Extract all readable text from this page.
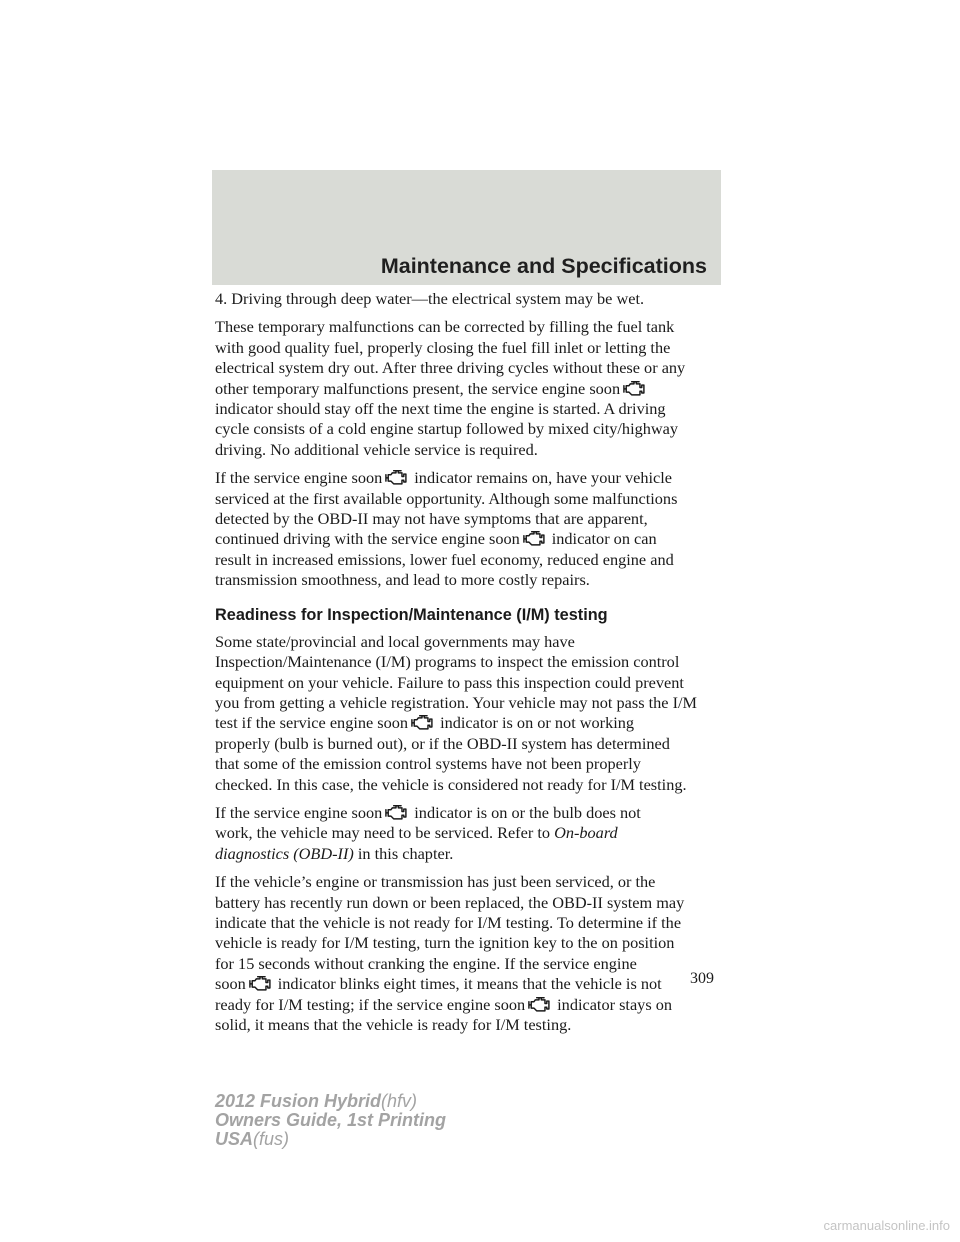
Maintenance and Specifications

4. Driving through deep water—the electrical system may be wet.

These temporary malfunctions can be corrected by filling the fuel tank
with good quality fuel, properly closing the fuel fill inlet or letting the
electrical system dry out. After three driving cycles without these or any
other temporary malfunctions present, the service engine soon
indicator should stay off the next time the engine is started. A driving
cycle consists of a cold engine startup followed by mixed city/highway
driving. No additional vehicle service is required.

If the service engine soon indicator remains on, have your vehicle
serviced at the first available opportunity. Although some malfunctions
detected by the OBD-II may not have symptoms that are apparent,
continued driving with the service engine soon indicator on can
result in increased emissions, lower fuel economy, reduced engine and
transmission smoothness, and lead to more costly repairs.

Readiness for Inspection/Maintenance (I/M) testing

Some state/provincial and local governments may have
Inspection/Maintenance (I/M) programs to inspect the emission control
equipment on your vehicle. Failure to pass this inspection could prevent
you from getting a vehicle registration. Your vehicle may not pass the I/M
test if the service engine soon indicator is on or not working
properly (bulb is burned out), or if the OBD-II system has determined
that some of the emission control systems have not been properly
checked. In this case, the vehicle is considered not ready for I/M testing.

If the service engine soon indicator is on or the bulb does not
work, the vehicle may need to be serviced. Refer to On-board
diagnostics (OBD-II) in this chapter.

If the vehicle’s engine or transmission has just been serviced, or the
battery has recently run down or been replaced, the OBD-II system may
indicate that the vehicle is not ready for I/M testing. To determine if the
vehicle is ready for I/M testing, turn the ignition key to the on position
for 15 seconds without cranking the engine. If the service engine
soon indicator blinks eight times, it means that the vehicle is not
ready for I/M testing; if the service engine soon indicator stays on
solid, it means that the vehicle is ready for I/M testing.

309
2012 Fusion Hybrid(hfv)
Owners Guide, 1st Printing
USA(fus)
carmanualsonline.info
